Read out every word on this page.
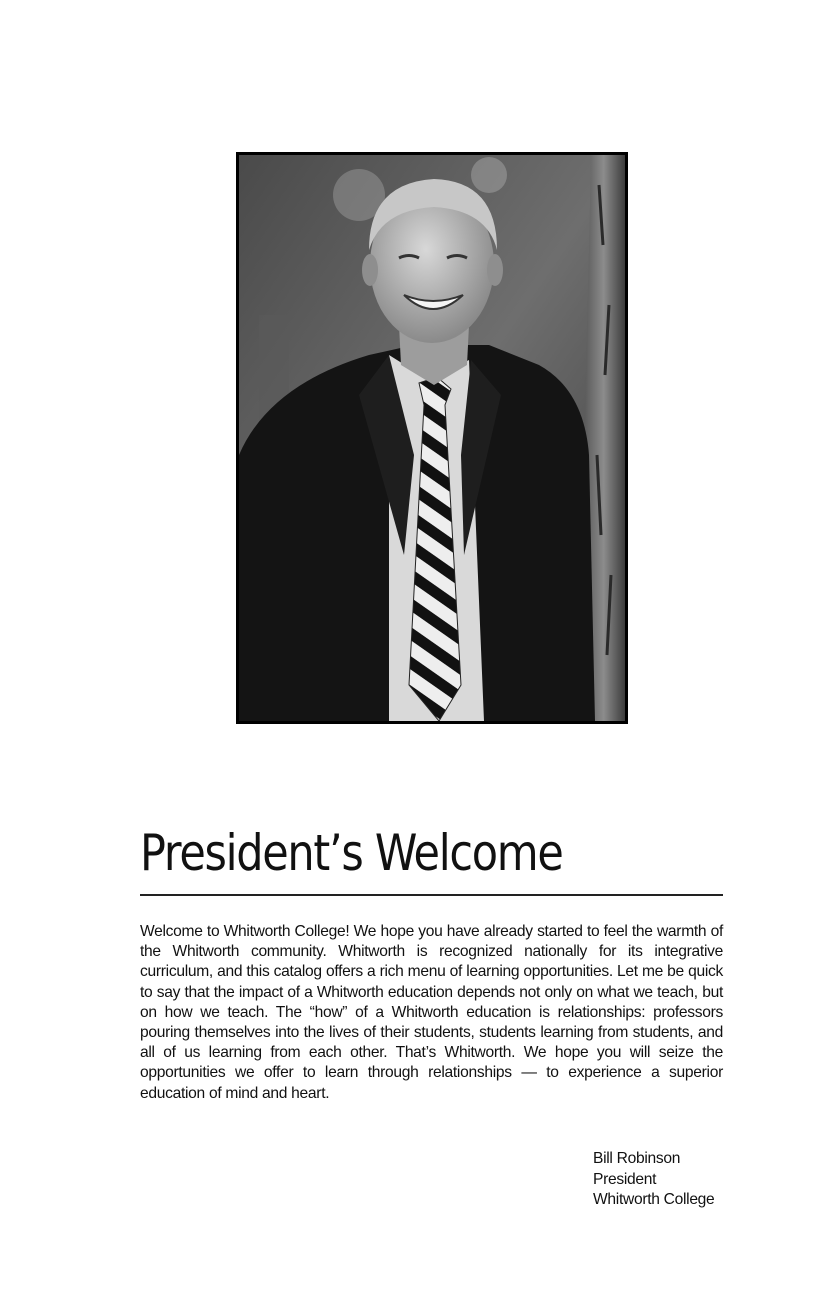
President’s Welcome

Welcome to Whitworth College! We hope you have already started to feel the warmth of the Whitworth community. Whitworth is recognized nationally for its integrative curriculum, and this catalog offers a rich menu of learning opportunities. Let me be quick to say that the impact of a Whitworth education depends not only on what we teach, but on how we teach. The “how” of a Whitworth education is relationships: professors pouring themselves into the lives of their students, students learning from students, and all of us learning from each other. That’s Whitworth. We hope you will seize the opportunities we offer to learn through relationships — to experience a superior education of mind and heart.

Bill Robinson
President
Whitworth College
